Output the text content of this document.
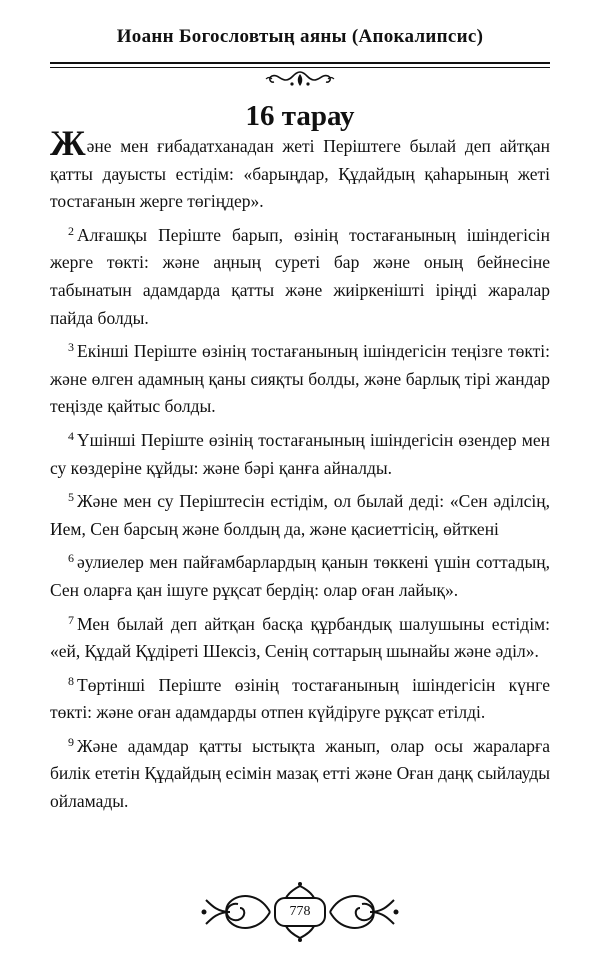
Иоанн Богословтың аяны (Апокалипсис)
16 тарау

Және мен ғибадатханадан жеті Періштеге былай деп айтқан қатты дауысты естідім: «барыңдар, Құдайдың қаһарының жеті тостағанын жерге төгіңдер».

$^2$ Алғашқы Періште барып, өзінің тостағанының ішіндегісін жерге төкті: және аңның суреті бар және оның бейнесіне табынатын адамдарда қатты және жиіркенішті іріңді жаралар пайда болды.

$^3$ Екінші Періште өзінің тостағанының ішіндегісін теңізге төкті: және өлген адамның қаны сияқты болды, және барлық тірі жандар теңізде қайтыс болды.

$^4$ Үшінші Періште өзінің тостағанының ішіндегісін өзендер мен су көздеріне құйды: және бәрі қанға айналды.

$^5$ Және мен су Періштесін естідім, ол былай деді: «Сен әділсің, Ием, Сен барсың және болдың да, және қасиеттісің, өйткені

$^6$ әулиелер мен пайғамбарлардың қанын төккені үшін соттадың, Сен оларға қан ішуге рұқсат бердің: олар оған лайық».

$^7$ Мен былай деп айтқан басқа құрбандық шалушыны естідім: «ей, Құдай Құдіреті Шексіз, Сенің соттарың шынайы және әділ».

$^8$ Төртінші Періште өзінің тостағанының ішіндегісін күнге төкті: және оған адамдарды отпен күйдіруге рұқсат етілді.

$^9$ Және адамдар қатты ыстықта жанып, олар осы жараларға билік ететін Құдайдың есімін мазақ етті және Оған даңқ сыйлауды ойламады.

778
